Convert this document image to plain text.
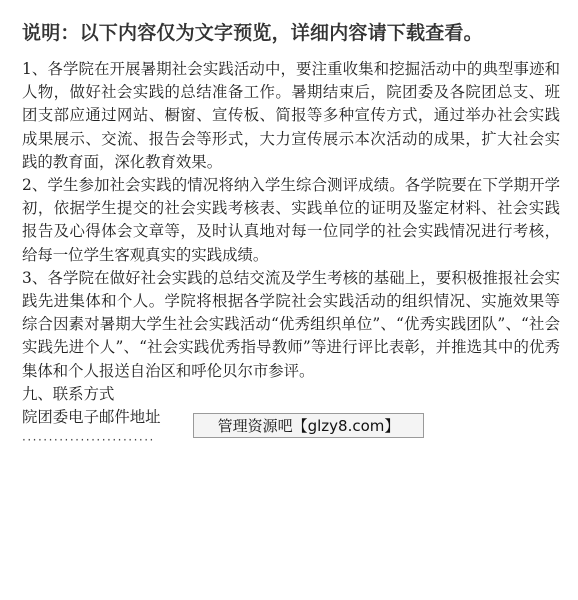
说明：以下内容仅为文字预览，详细内容请下载查看。

1、各学院在开展暑期社会实践活动中，要注重收集和挖掘活动中的典型事迹和人物，做好社会实践的总结准备工作。暑期结束后，院团委及各院团总支、班团支部应通过网站、橱窗、宣传板、简报等多种宣传方式，通过举办社会实践成果展示、交流、报告会等形式，大力宣传展示本次活动的成果，扩大社会实践的教育面，深化教育效果。

2、学生参加社会实践的情况将纳入学生综合测评成绩。各学院要在下学期开学初，依据学生提交的社会实践考核表、实践单位的证明及鉴定材料、社会实践报告及心得体会文章等，及时认真地对每一位同学的社会实践情况进行考核，给每一位学生客观真实的实践成绩。

3、各学院在做好社会实践的总结交流及学生考核的基础上，要积极推报社会实践先进集体和个人。学院将根据各学院社会实践活动的组织情况、实施效果等综合因素对暑期大学生社会实践活动“优秀组织单位”、“优秀实践团队”、“社会实践先进个人”、“社会实践优秀指导教师”等进行评比表彰，并推选其中的优秀集体和个人报送自治区和呼伦贝尔市参评。

九、联系方式

院团委电子邮件地址

·························

管理资源吧【glzy8.com】
